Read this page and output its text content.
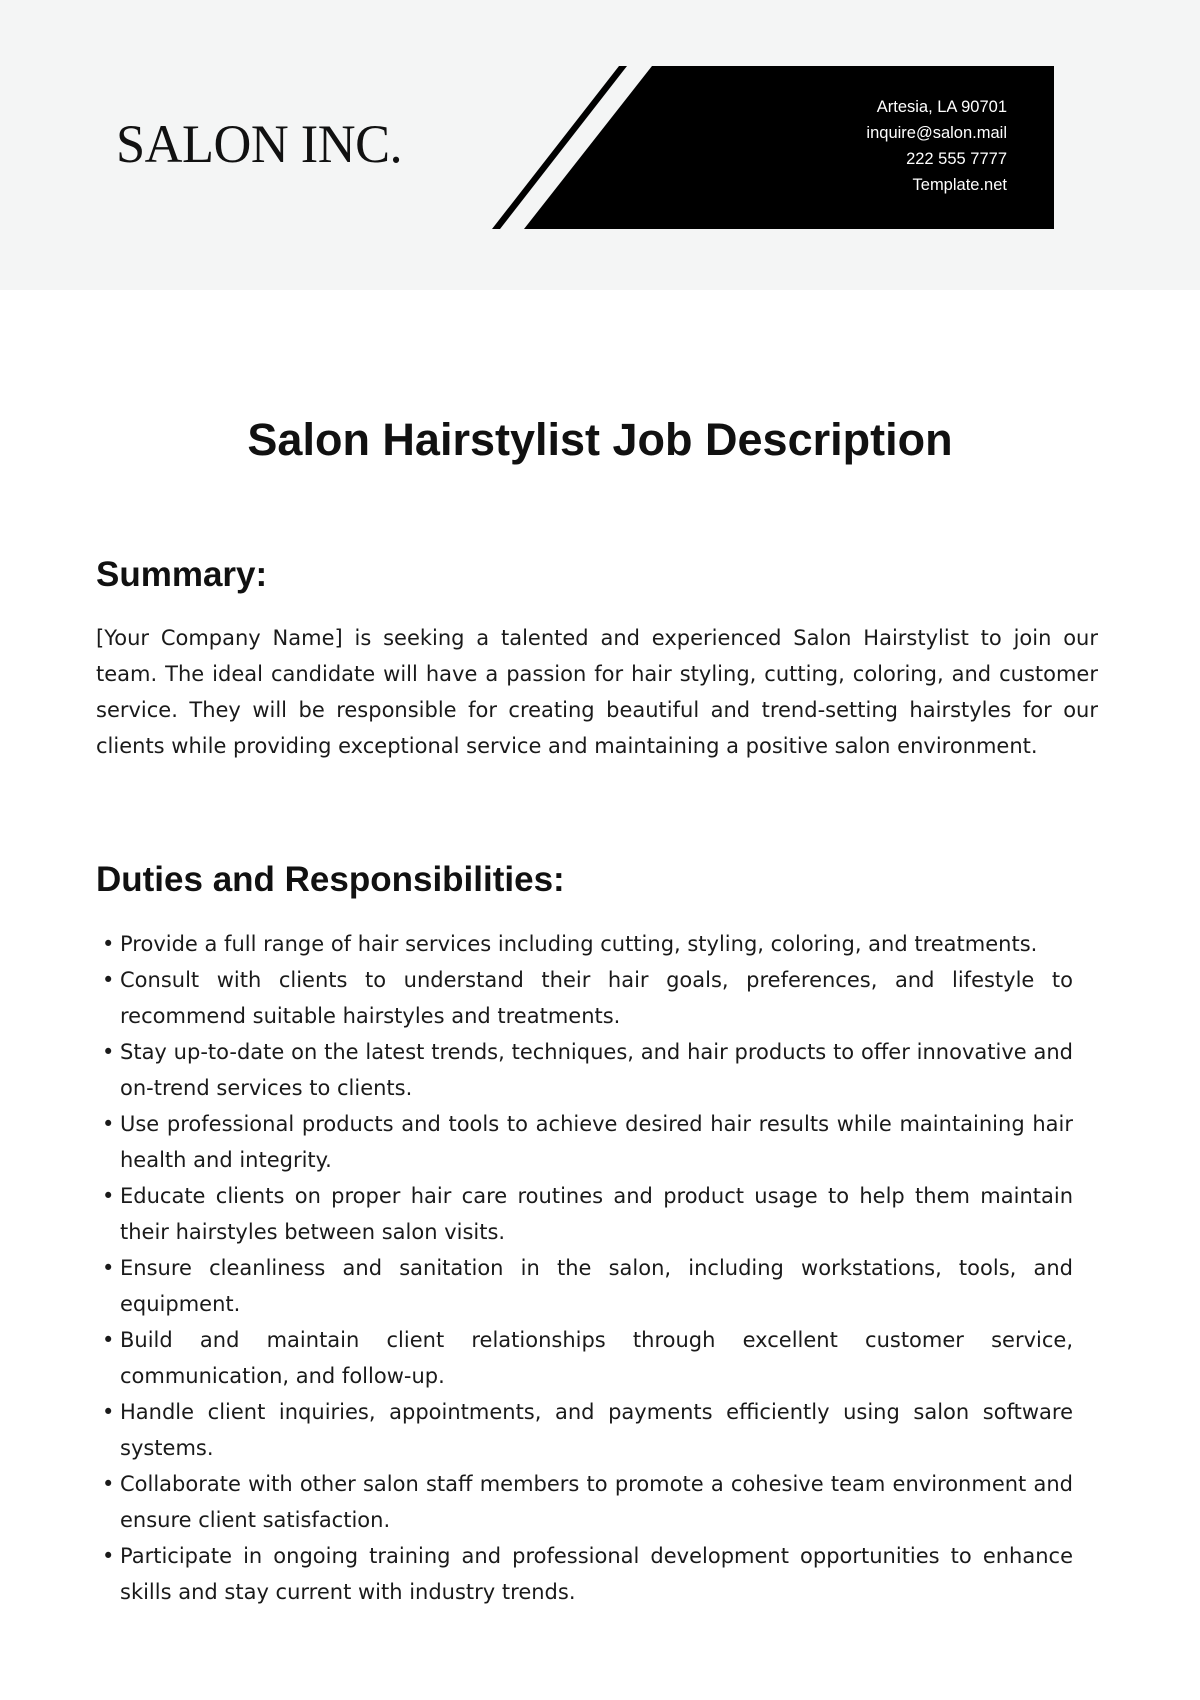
SALON INC.
Artesia, LA 90701
inquire@salon.mail
222 555 7777
Template.net
Salon Hairstylist Job Description
Summary:

[Your Company Name] is seeking a talented and experienced Salon Hairstylist to join our team. The ideal candidate will have a passion for hair styling, cutting, coloring, and customer service. They will be responsible for creating beautiful and trend-setting hairstyles for our clients while providing exceptional service and maintaining a positive salon environment.

Duties and Responsibilities:
• Provide a full range of hair services including cutting, styling, coloring, and treatments.
• Consult with clients to understand their hair goals, preferences, and lifestyle to recommend suitable hairstyles and treatments.
• Stay up-to-date on the latest trends, techniques, and hair products to offer innovative and on-trend services to clients.
• Use professional products and tools to achieve desired hair results while maintaining hair health and integrity.
• Educate clients on proper hair care routines and product usage to help them maintain their hairstyles between salon visits.
• Ensure cleanliness and sanitation in the salon, including workstations, tools, and equipment.
• Build and maintain client relationships through excellent customer service, communication, and follow-up.
• Handle client inquiries, appointments, and payments efficiently using salon software systems.
• Collaborate with other salon staff members to promote a cohesive team environment and ensure client satisfaction.
• Participate in ongoing training and professional development opportunities to enhance skills and stay current with industry trends.
